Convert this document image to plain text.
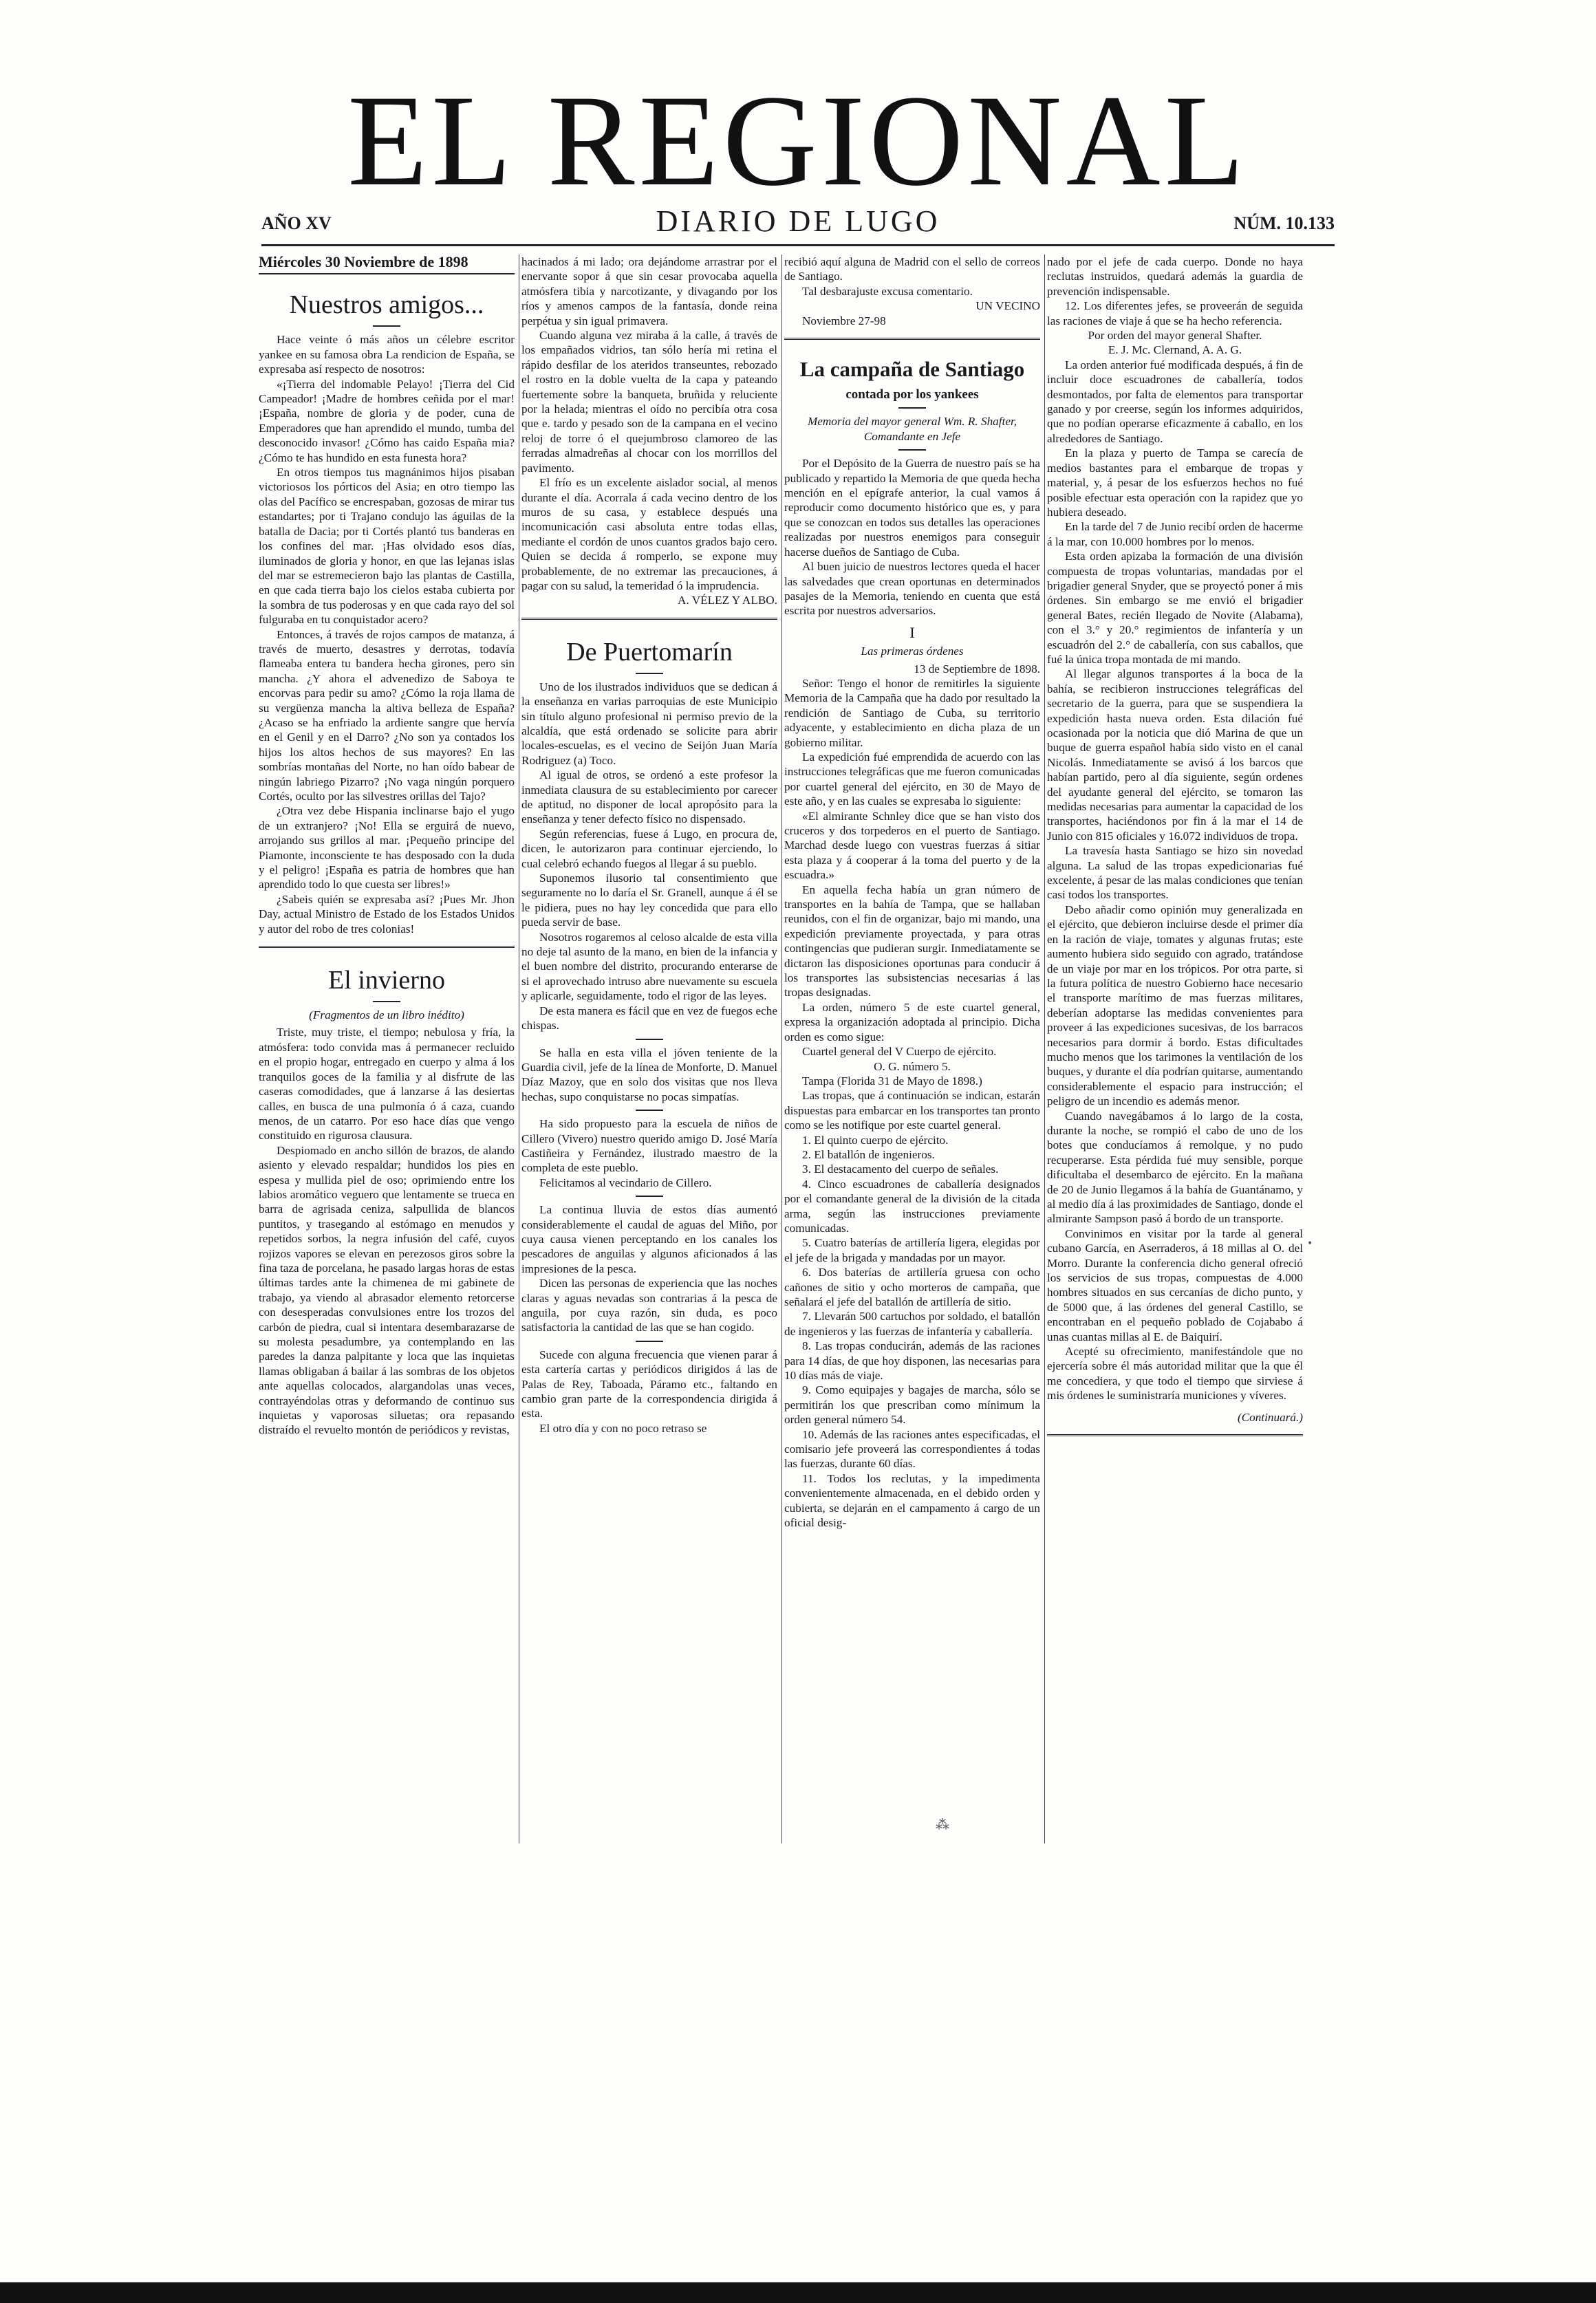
EL REGIONAL
AÑO XV	DIARIO DE LUGO	NÚM. 10.133
Miércoles 30 Noviembre de 1898
Nuestros amigos...

Hace veinte ó más años un célebre escritor yankee en su famosa obra La rendicion de España, se expresaba así respecto de nosotros:

«¡Tierra del indomable Pelayo! ¡Tierra del Cid Campeador! ¡Madre de hombres ceñida por el mar! ¡España, nombre de gloria y de poder, cuna de Emperadores que han aprendido el mundo, tumba del desconocido invasor! ¿Cómo has caido España mia? ¿Cómo te has hundido en esta funesta hora?

En otros tiempos tus magnánimos hijos pisaban victoriosos los pórticos del Asia; en otro tiempo las olas del Pacífico se encrespaban, gozosas de mirar tus estandartes; por ti Trajano condujo las águilas de la batalla de Dacia; por ti Cortés plantó tus banderas en los confines del mar. ¡Has olvidado esos días, iluminados de gloria y honor, en que las lejanas islas del mar se estremecieron bajo las plantas de Castilla, en que cada tierra bajo los cielos estaba cubierta por la sombra de tus poderosas y en que cada rayo del sol fulguraba en tu conquistador acero?

Entonces, á través de rojos campos de matanza, á través de muerto, desastres y derrotas, todavía flameaba entera tu bandera hecha girones, pero sin mancha. ¿Y ahora el advenedizo de Saboya te encorvas para pedir su amo? ¿Cómo la roja llama de su vergüenza mancha la altiva belleza de España? ¿Acaso se ha enfriado la ardiente sangre que hervía en el Genil y en el Darro? ¿No son ya contados los hijos los altos hechos de sus mayores? En las sombrías montañas del Norte, no han oído babear de ningún labriego Pizarro? ¡No vaga ningún porquero Cortés, oculto por las silvestres orillas del Tajo?

¿Otra vez debe Hispania inclinarse bajo el yugo de un extranjero? ¡No! Ella se erguirá de nuevo, arrojando sus grillos al mar. ¡Pequeño principe del Piamonte, inconsciente te has desposado con la duda y el peligro! ¡España es patria de hombres que han aprendido todo lo que cuesta ser libres!»

¿Sabeis quién se expresaba así? ¡Pues Mr. Jhon Day, actual Ministro de Estado de los Estados Unidos y autor del robo de tres colonias!

El invierno
(Fragmentos de un libro inédito)

Triste, muy triste, el tiempo; nebulosa y fría, la atmósfera: todo convida mas á permanecer recluido en el propio hogar, entregado en cuerpo y alma á los tranquilos goces de la familia y al disfrute de las caseras comodidades, que á lanzarse á las desiertas calles, en busca de una pulmonía ó á caza, cuando menos, de un catarro. Por eso hace días que vengo constituido en rigurosa clausura.

Despiomado en ancho sillón de brazos, de alando asiento y elevado respaldar; hundidos los pies en espesa y mullida piel de oso; oprimiendo entre los labios aromático veguero que lentamente se trueca en barra de agrisada ceniza, salpullida de blancos puntitos, y trasegando al estómago en menudos y repetidos sorbos, la negra infusión del café, cuyos rojizos vapores se elevan en perezosos giros sobre la fina taza de porcelana, he pasado largas horas de estas últimas tardes ante la chimenea de mi gabinete de trabajo, ya viendo al abrasador elemento retorcerse con desesperadas convulsiones entre los trozos del carbón de piedra, cual si intentara desembarazarse de su molesta pesadumbre, ya contemplando en las paredes la danza palpitante y loca que las inquietas llamas obligaban á bailar á las sombras de los objetos ante aquellas colocados, alargandolas unas veces, contrayéndolas otras y deformando de continuo sus inquietas y vaporosas siluetas; ora repasando distraído el revuelto montón de periódicos y revistas,

hacinados á mi lado; ora dejándome arrastrar por el enervante sopor á que sin cesar provocaba aquella atmósfera tibia y narcotizante, y divagando por los ríos y amenos campos de la fantasía, donde reina perpétua y sin igual primavera.

Cuando alguna vez miraba á la calle, á través de los empañados vidrios, tan sólo hería mi retina el rápido desfilar de los ateridos transeuntes, rebozado el rostro en la doble vuelta de la capa y pateando fuertemente sobre la banqueta, bruñida y reluciente por la helada; mientras el oído no percibía otra cosa que e. tardo y pesado son de la campana en el vecino reloj de torre ó el quejumbroso clamoreo de las ferradas almadreñas al chocar con los morrillos del pavimento.

El frío es un excelente aislador social, al menos durante el día. Acorrala á cada vecino dentro de los muros de su casa, y establece después una incomunicación casi absoluta entre todas ellas, mediante el cordón de unos cuantos grados bajo cero. Quien se decida á romperlo, se expone muy probablemente, de no extremar las precauciones, á pagar con su salud, la temeridad ó la imprudencia.

A. VÉLEZ Y ALBO.

De Puertomarín

Uno de los ilustrados individuos que se dedican á la enseñanza en varias parroquias de este Municipio sin título alguno profesional ni permiso previo de la alcaldía, que está ordenado se solicite para abrir locales-escuelas, es el vecino de Seijón Juan María Rodriguez (a) Toco.

Al igual de otros, se ordenó a este profesor la inmediata clausura de su establecimiento por carecer de aptitud, no disponer de local apropósito para la enseñanza y tener defecto físico no dispensado.

Según referencias, fuese á Lugo, en procura de, dicen, le autorizaron para continuar ejerciendo, lo cual celebró echando fuegos al llegar á su pueblo.

Suponemos ilusorio tal consentimiento que seguramente no lo daría el Sr. Granell, aunque á él se le pidiera, pues no hay ley concedida que para ello pueda servir de base.

Nosotros rogaremos al celoso alcalde de esta villa no deje tal asunto de la mano, en bien de la infancia y el buen nombre del distrito, procurando enterarse de si el aprovechado intruso abre nuevamente su escuela y aplicarle, seguidamente, todo el rigor de las leyes.

De esta manera es fácil que en vez de fuegos eche chispas.

Se halla en esta villa el jóven teniente de la Guardia civil, jefe de la línea de Monforte, D. Manuel Díaz Mazoy, que en solo dos visitas que nos lleva hechas, supo conquistarse no pocas simpatías.

Ha sido propuesto para la escuela de niños de Cillero (Vivero) nuestro querido amigo D. José María Castiñeira y Fernández, ilustrado maestro de la completa de este pueblo.

Felicitamos al vecindario de Cillero.

La continua lluvia de estos días aumentó considerablemente el caudal de aguas del Miño, por cuya causa vienen perceptando en los canales los pescadores de anguilas y algunos aficionados á las impresiones de la pesca.

Dicen las personas de experiencia que las noches claras y aguas nevadas son contrarias á la pesca de anguila, por cuya razón, sin duda, es poco satisfactoria la cantidad de las que se han cogido.

Sucede con alguna frecuencia que vienen parar á esta cartería cartas y periódicos dirigidos á las de Palas de Rey, Taboada, Páramo etc., faltando en cambio gran parte de la correspondencia dirigida á esta.

El otro día y con no poco retraso se

recibió aquí alguna de Madrid con el sello de correos de Santiago.

Tal desbarajuste excusa comentario.

UN VECINO

Noviembre 27-98

La campaña de Santiago
contada por los yankees
Memoria del mayor general Wm. R. Shafter, Comandante en Jefe

Por el Depósito de la Guerra de nuestro país se ha publicado y repartido la Memoria de que queda hecha mención en el epígrafe anterior, la cual vamos á reproducir como documento histórico que es, y para que se conozcan en todos sus detalles las operaciones realizadas por nuestros enemigos para conseguir hacerse dueños de Santiago de Cuba.

Al buen juicio de nuestros lectores queda el hacer las salvedades que crean oportunas en determinados pasajes de la Memoria, teniendo en cuenta que está escrita por nuestros adversarios.

I

Las primeras órdenes

13 de Septiembre de 1898.

Señor: Tengo el honor de remitirles la siguiente Memoria de la Campaña que ha dado por resultado la rendición de Santiago de Cuba, su territorio adyacente, y establecimiento en dicha plaza de un gobierno militar.

La expedición fué emprendida de acuerdo con las instrucciones telegráficas que me fueron comunicadas por cuartel general del ejército, en 30 de Mayo de este año, y en las cuales se expresaba lo siguiente:

«El almirante Schnley dice que se han visto dos cruceros y dos torpederos en el puerto de Santiago. Marchad desde luego con vuestras fuerzas á sitiar esta plaza y á cooperar á la toma del puerto y de la escuadra.»

En aquella fecha había un gran número de transportes en la bahía de Tampa, que se hallaban reunidos, con el fin de organizar, bajo mi mando, una expedición previamente proyectada, y para otras contingencias que pudieran surgir. Inmediatamente se dictaron las disposiciones oportunas para conducir á los transportes las subsistencias necesarias á las tropas designadas.

La orden, número 5 de este cuartel general, expresa la organización adoptada al principio. Dicha orden es como sigue:

Cuartel general del V Cuerpo de ejército.

O. G. número 5.

Tampa (Florida 31 de Mayo de 1898.)

Las tropas, que á continuación se indican, estarán dispuestas para embarcar en los transportes tan pronto como se les notifique por este cuartel general.

1. El quinto cuerpo de ejército.

2. El batallón de ingenieros.

3. El destacamento del cuerpo de señales.

4. Cinco escuadrones de caballería designados por el comandante general de la división de la citada arma, según las instrucciones previamente comunicadas.

5. Cuatro baterías de artillería ligera, elegidas por el jefe de la brigada y mandadas por un mayor.

6. Dos baterías de artillería gruesa con ocho cañones de sitio y ocho morteros de campaña, que señalará el jefe del batallón de artillería de sitio.

7. Llevarán 500 cartuchos por soldado, el batallón de ingenieros y las fuerzas de infantería y caballería.

8. Las tropas conducirán, además de las raciones para 14 días, de que hoy disponen, las necesarias para 10 días más de viaje.

9. Como equipajes y bagajes de marcha, sólo se permitirán los que prescriban como mínimum la orden general número 54.

10. Además de las raciones antes especificadas, el comisario jefe proveerá las correspondientes á todas las fuerzas, durante 60 días.

11. Todos los reclutas, y la impedimenta convenientemente almacenada, en el debido orden y cubierta, se dejarán en el campamento á cargo de un oficial desig-

nado por el jefe de cada cuerpo. Donde no haya reclutas instruidos, quedará además la guardia de prevención indispensable.

12. Los diferentes jefes, se proveerán de seguida las raciones de viaje á que se ha hecho referencia.

Por orden del mayor general Shafter.

E. J. Mc. Clernand, A. A. G.

La orden anterior fué modificada después, á fin de incluir doce escuadrones de caballería, todos desmontados, por falta de elementos para transportar ganado y por creerse, según los informes adquiridos, que no podían operarse eficazmente á caballo, en los alrededores de Santiago.

En la plaza y puerto de Tampa se carecía de medios bastantes para el embarque de tropas y material, y, á pesar de los esfuerzos hechos no fué posible efectuar esta operación con la rapidez que yo hubiera deseado.

En la tarde del 7 de Junio recibí orden de hacerme á la mar, con 10.000 hombres por lo menos.

Esta orden apizaba la formación de una división compuesta de tropas voluntarias, mandadas por el brigadier general Snyder, que se proyectó poner á mis órdenes. Sin embargo se me envió el brigadier general Bates, recién llegado de Novite (Alabama), con el 3.° y 20.° regimientos de infantería y un escuadrón del 2.° de caballería, con sus caballos, que fué la única tropa montada de mi mando.

Al llegar algunos transportes á la boca de la bahía, se recibieron instrucciones telegráficas del secretario de la guerra, para que se suspendiera la expedición hasta nueva orden. Esta dilación fué ocasionada por la noticia que dió Marina de que un buque de guerra español había sido visto en el canal Nicolás. Inmediatamente se avisó á los barcos que habían partido, pero al día siguiente, según ordenes del ayudante general del ejército, se tomaron las medidas necesarias para aumentar la capacidad de los transportes, haciéndonos por fin á la mar el 14 de Junio con 815 oficiales y 16.072 individuos de tropa.

La travesía hasta Santiago se hizo sin novedad alguna. La salud de las tropas expedicionarias fué excelente, á pesar de las malas condiciones que tenían casi todos los transportes.

Debo añadir como opinión muy generalizada en el ejército, que debieron incluirse desde el primer día en la ración de viaje, tomates y algunas frutas; este aumento hubiera sido seguido con agrado, tratándose de un viaje por mar en los trópicos. Por otra parte, si la futura política de nuestro Gobierno hace necesario el transporte marítimo de mas fuerzas militares, deberían adoptarse las medidas convenientes para proveer á las expediciones sucesivas, de los barracos necesarios para dormir á bordo. Estas dificultades mucho menos que los tarimones la ventilación de los buques, y durante el día podrían quitarse, aumentando considerablemente el espacio para instrucción; el peligro de un incendio es además menor.

Cuando navegábamos á lo largo de la costa, durante la noche, se rompió el cabo de uno de los botes que conducíamos á remolque, y no pudo recuperarse. Esta pérdida fué muy sensible, porque dificultaba el desembarco de ejército. En la mañana de 20 de Junio llegamos á la bahía de Guantánamo, y al medio día á las proximidades de Santiago, donde el almirante Sampson pasó á bordo de un transporte.

Convinimos en visitar por la tarde al general cubano García, en Aserraderos, á 18 millas al O. del Morro. Durante la conferencia dicho general ofreció los servicios de sus tropas, compuestas de 4.000 hombres situados en sus cercanías de dicho punto, y de 5000 que, á las órdenes del general Castillo, se encontraban en el pequeño poblado de Cojababo á unas cuantas millas al E. de Baiquirí.

Acepté su ofrecimiento, manifestándole que no ejercería sobre él más autoridad militar que la que él me concediera, y que todo el tiempo que sirviese á mis órdenes le suministraría municiones y víveres.

(Continuará.)

⁂
•
